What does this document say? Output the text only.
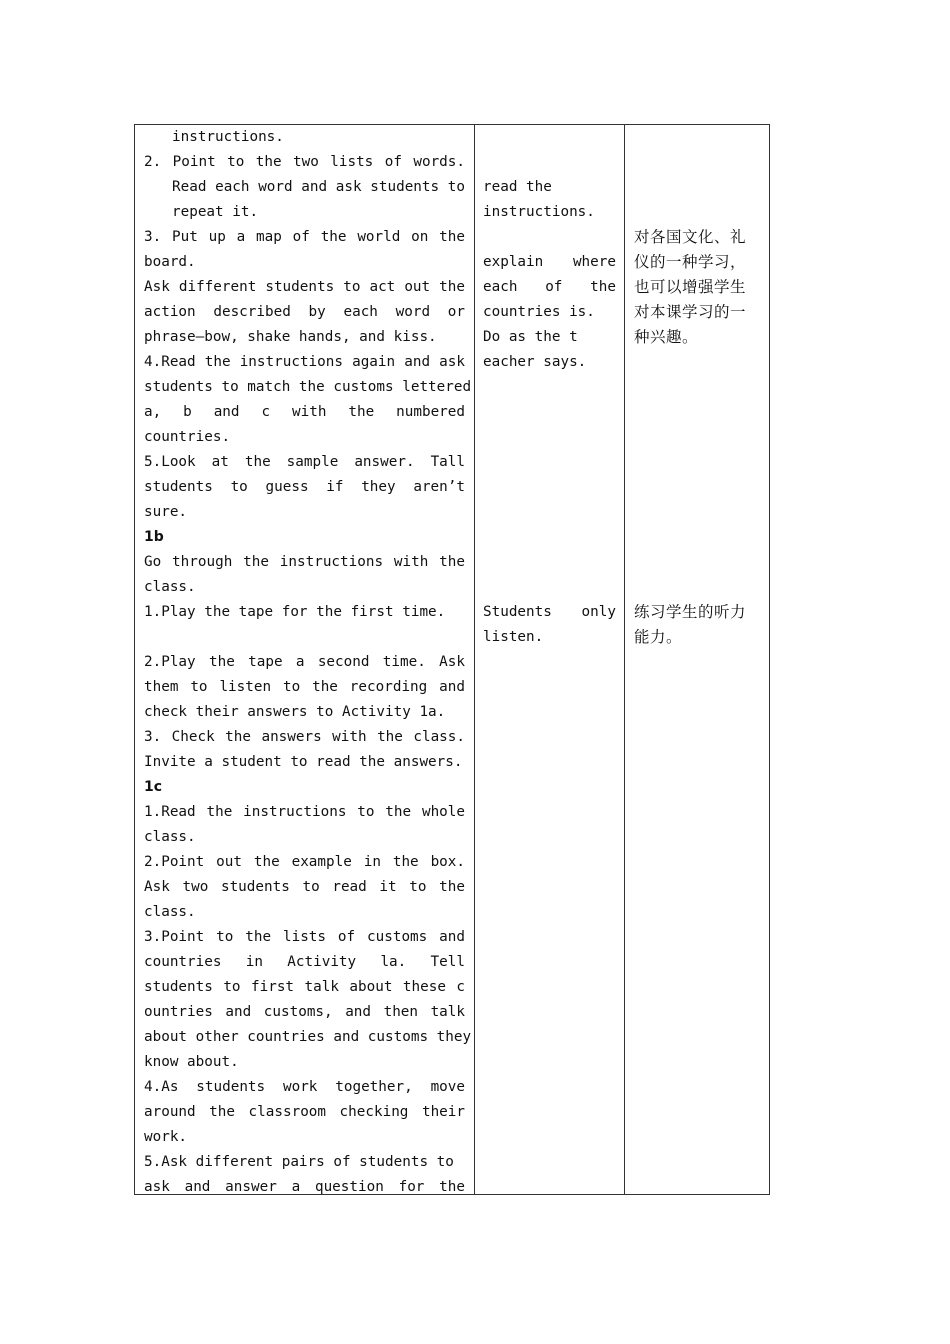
instructions.
2. Point to the two lists of words.
Read each word and ask students to
repeat it.
3. Put up a map of the world on the
board.
Ask different students to act out the
action described by each word or
phrase—bow, shake hands, and kiss.
4.Read the instructions again and ask
students to match the customs lettered
a, b and c with the numbered
countries.
5.Look at the sample answer. Tall
students to guess if they aren’t
sure.
1b
Go through the instructions with the
class.
1.Play the tape for the first time.
2.Play the tape a second time. Ask
them to listen to the recording and
check their answers to Activity 1a.
3. Check the answers with the class.
Invite a student to read the answers.
1c
1.Read the instructions to the whole
class.
2.Point out the example in the box.
Ask two students to read it to the
class.
3.Point to the lists of customs and
countries in Activity la. Tell
students to first talk about these c
ountries and customs, and then talk
about other countries and customs they
know about.
4.As students work together, move
around the classroom checking their
work.
5.Ask different pairs of students to
ask and answer a question for the
read the
instructions.
explain where
each of the
countries is.
Do as the t
eacher says.
Students only
listen.
对各国文化、礼
仪的一种学习，
也可以增强学生
对本课学习的一
种兴趣。
练习学生的听力
能力。
